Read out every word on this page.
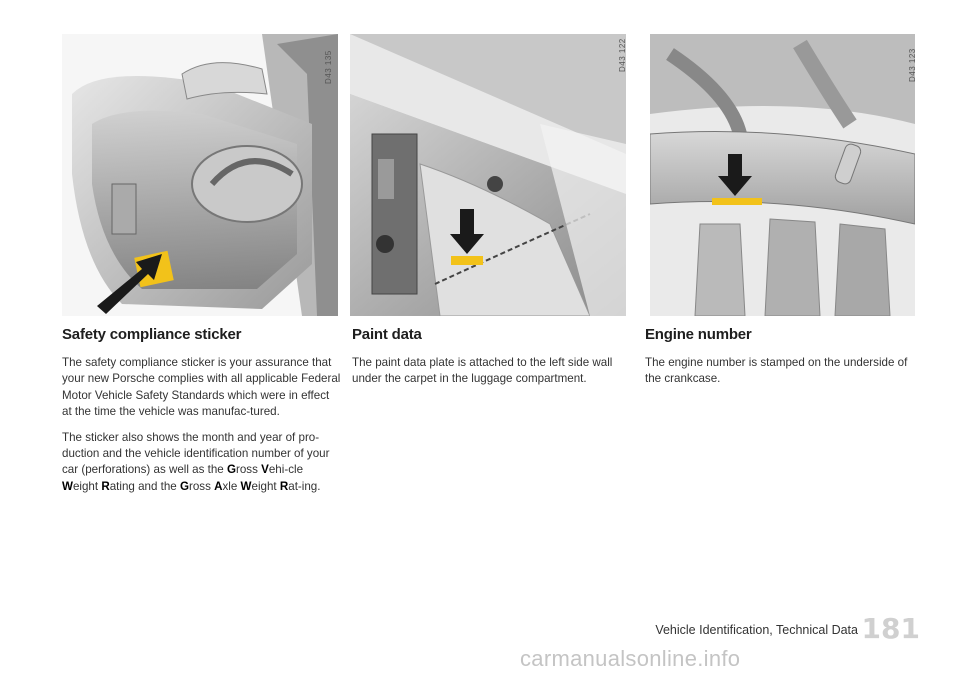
D43 135	D43 122	D43 123
Safety compliance sticker

The safety compliance sticker is your assurance that your new Porsche complies with all applicable Federal Motor Vehicle Safety Standards which were in effect at the time the vehicle was manufac-tured.

The sticker also shows the month and year of pro-duction and the vehicle identification number of your car (perforations) as well as the Gross Vehi-cle Weight Rating and the Gross Axle Weight Rat-ing.

Paint data

The paint data plate is attached to the left side wall under the carpet in the luggage compartment.

Engine number

The engine number is stamped on the underside of the crankcase.

Vehicle Identification, Technical Data 181
carmanualsonline.info
